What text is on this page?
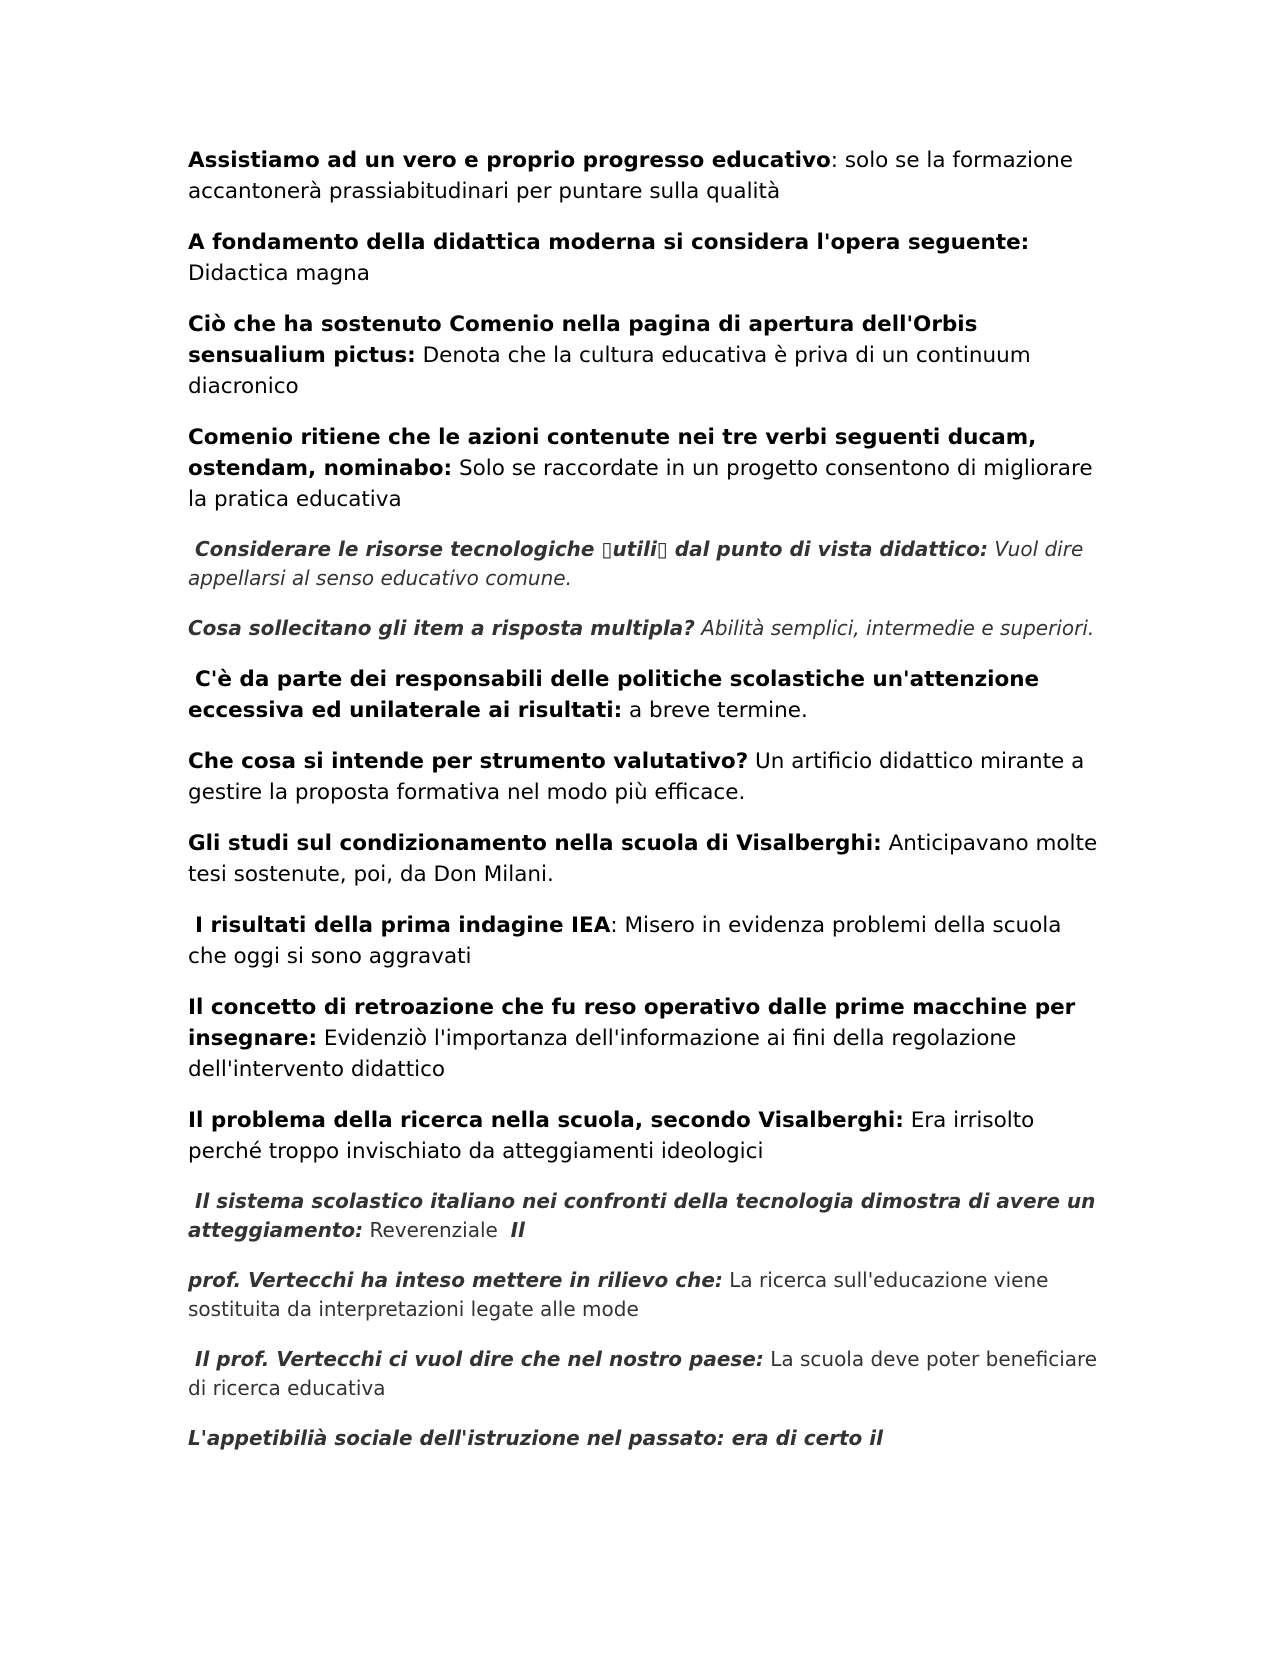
Assistiamo ad un vero e proprio progresso educativo: solo se la formazione accantonerà prassiabitudinari per puntare sulla qualità

A fondamento della didattica moderna si considera l'opera seguente: Didactica magna

Ciò che ha sostenuto Comenio nella pagina di apertura dell'Orbis sensualium pictus: Denota che la cultura educativa è priva di un continuum diacronico

Comenio ritiene che le azioni contenute nei tre verbi seguenti ducam, ostendam, nominabo: Solo se raccordate in un progetto consentono di migliorare la pratica educativa

Considerare le risorse tecnologiche ▯utili▯ dal punto di vista didattico: Vuol dire appellarsi al senso educativo comune.

Cosa sollecitano gli item a risposta multipla? Abilità semplici, intermedie e superiori.

C'è da parte dei responsabili delle politiche scolastiche un'attenzione eccessiva ed unilaterale ai risultati: a breve termine.

Che cosa si intende per strumento valutativo? Un artificio didattico mirante a gestire la proposta formativa nel modo più efficace.

Gli studi sul condizionamento nella scuola di Visalberghi: Anticipavano molte tesi sostenute, poi, da Don Milani.

I risultati della prima indagine IEA: Misero in evidenza problemi della scuola che oggi si sono aggravati

Il concetto di retroazione che fu reso operativo dalle prime macchine per insegnare: Evidenziò l'importanza dell'informazione ai fini della regolazione dell'intervento didattico

Il problema della ricerca nella scuola, secondo Visalberghi: Era irrisolto perché troppo invischiato da atteggiamenti ideologici

Il sistema scolastico italiano nei confronti della tecnologia dimostra di avere un atteggiamento: Reverenziale Il

prof. Vertecchi ha inteso mettere in rilievo che: La ricerca sull'educazione viene sostituita da interpretazioni legate alle mode

Il prof. Vertecchi ci vuol dire che nel nostro paese: La scuola deve poter beneficiare di ricerca educativa

L'appetibilià sociale dell'istruzione nel passato: era di certo il
